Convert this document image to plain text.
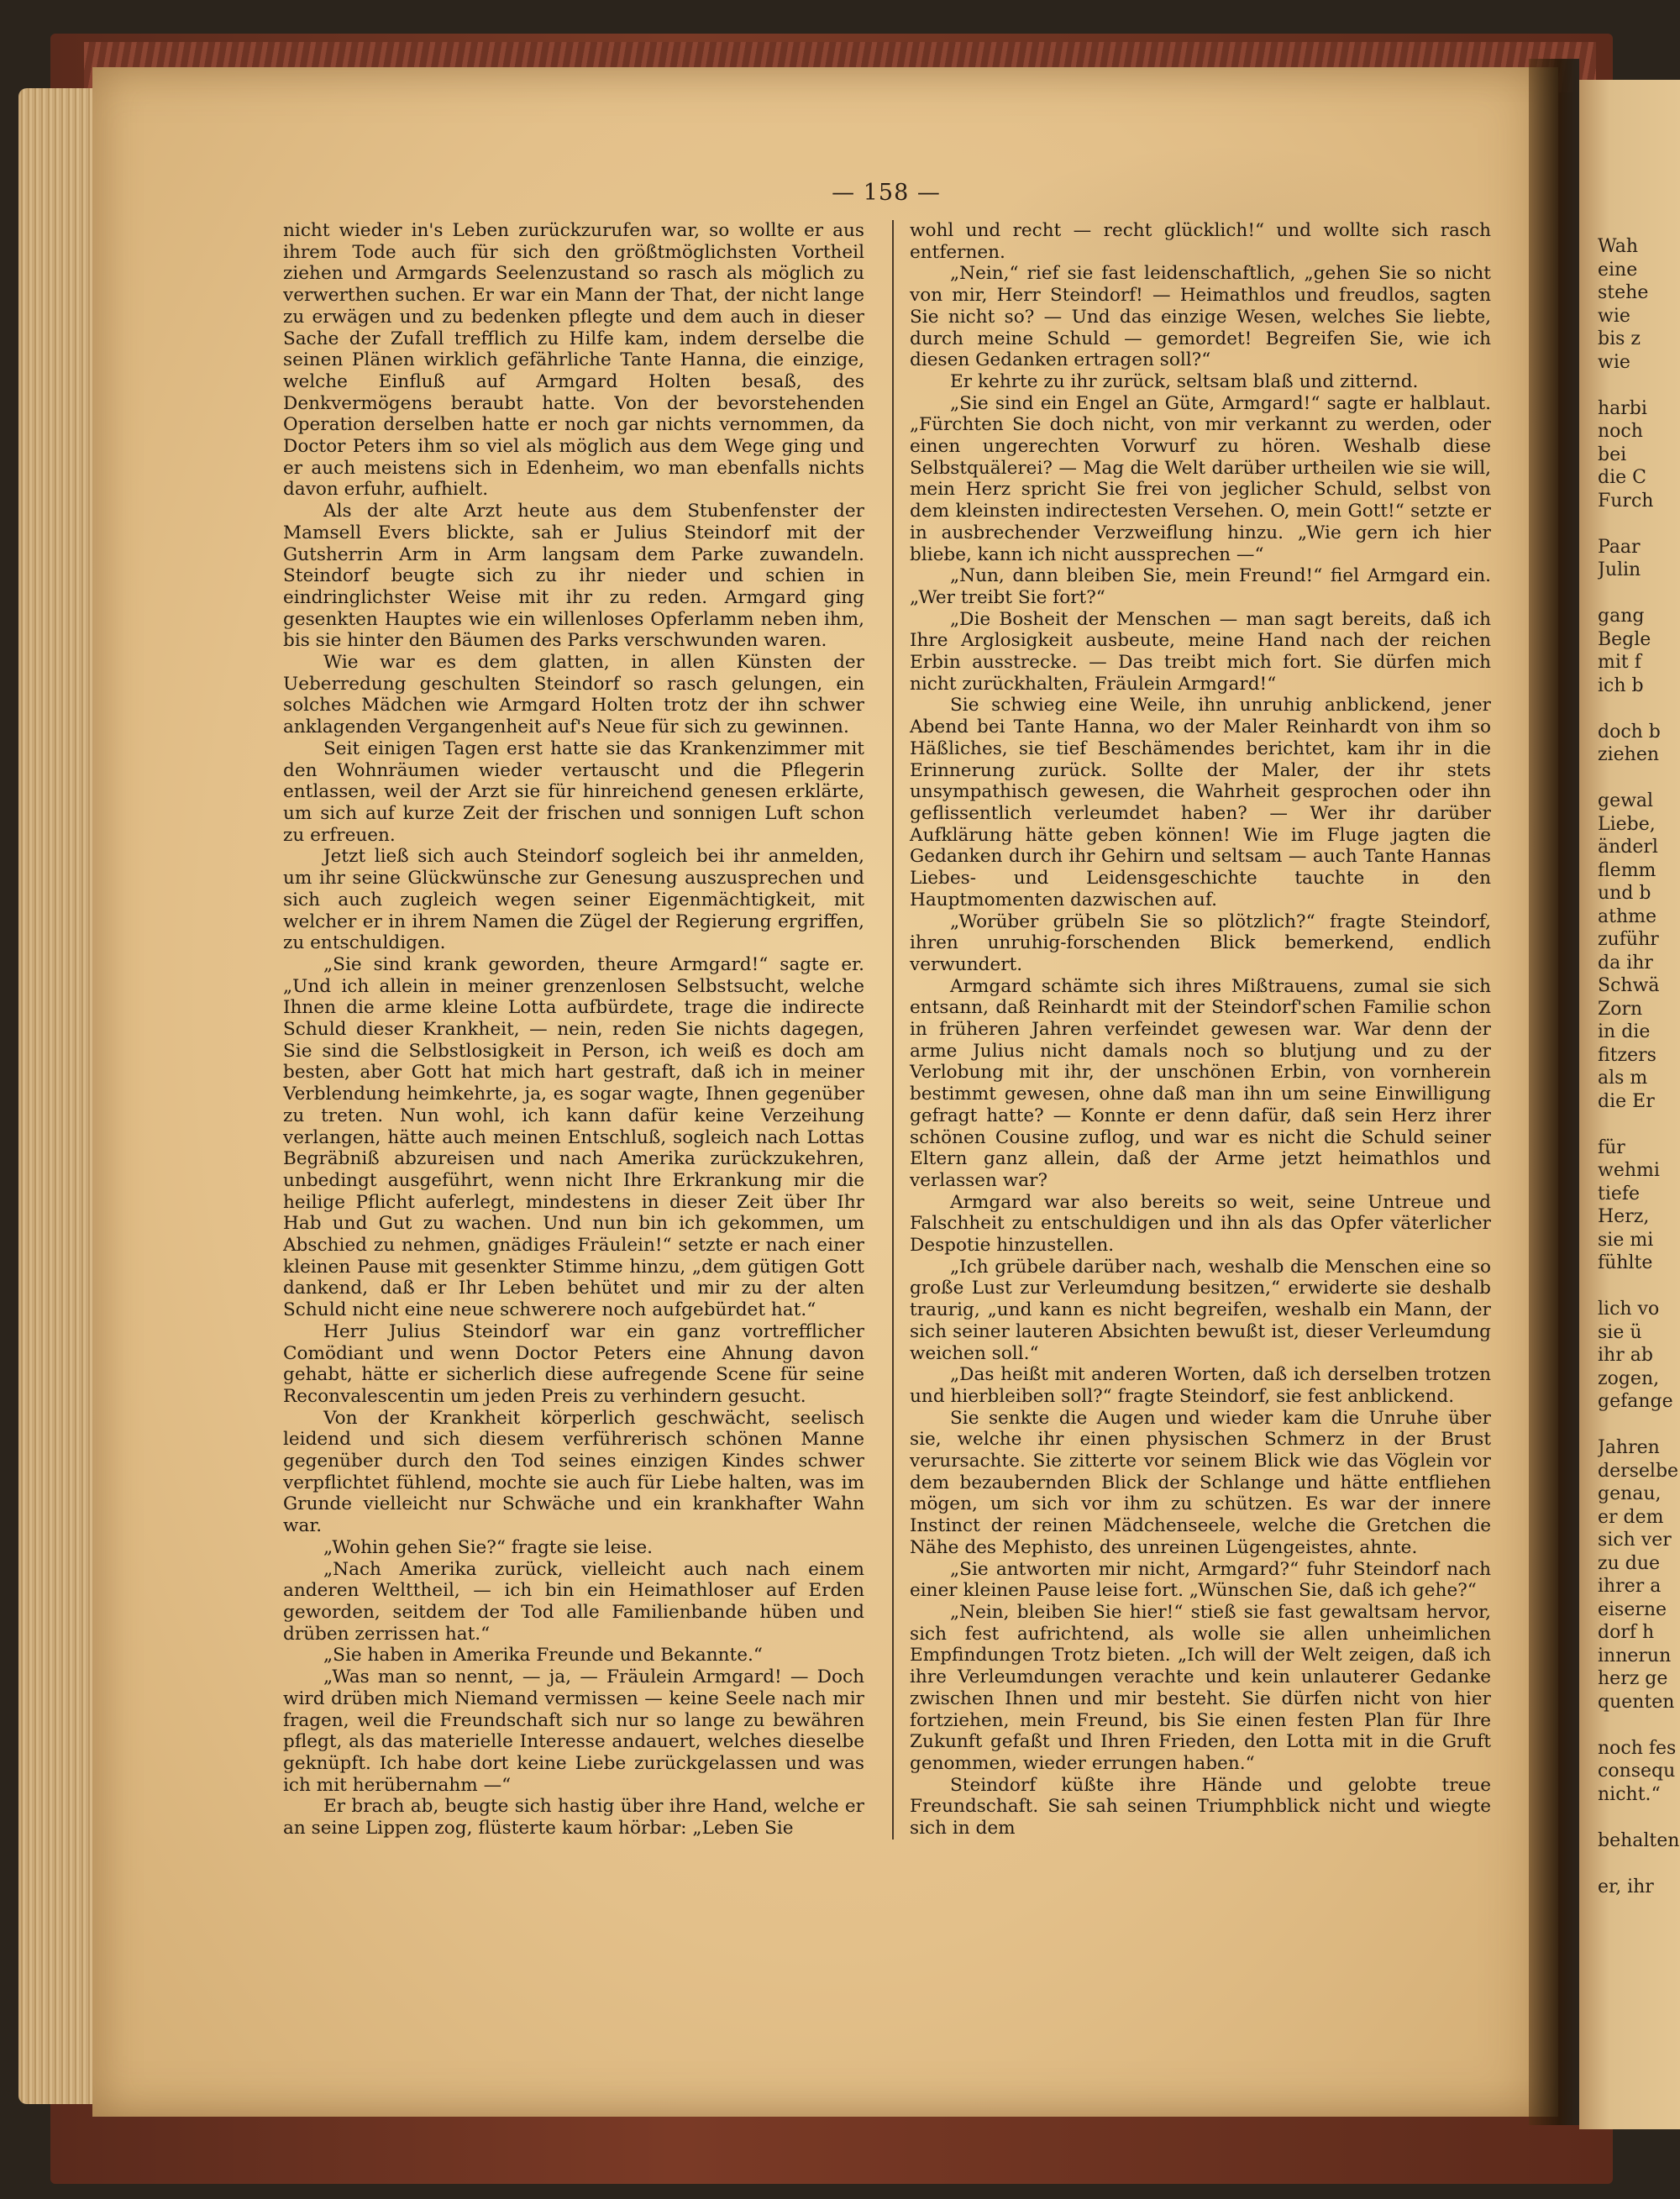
— 158 —

nicht wieder in's Leben zurückzurufen war, so wollte er aus ihrem Tode auch für sich den größtmöglichsten Vortheil ziehen und Armgards Seelenzustand so rasch als möglich zu verwerthen suchen. Er war ein Mann der That, der nicht lange zu erwägen und zu bedenken pflegte und dem auch in dieser Sache der Zufall trefflich zu Hilfe kam, indem derselbe die seinen Plänen wirklich gefährliche Tante Hanna, die einzige, welche Einfluß auf Armgard Holten besaß, des Denkvermögens beraubt hatte. Von der bevorstehenden Operation derselben hatte er noch gar nichts vernommen, da Doctor Peters ihm so viel als möglich aus dem Wege ging und er auch meistens sich in Edenheim, wo man ebenfalls nichts davon erfuhr, aufhielt.

Als der alte Arzt heute aus dem Stubenfenster der Mamsell Evers blickte, sah er Julius Steindorf mit der Gutsherrin Arm in Arm langsam dem Parke zuwandeln. Steindorf beugte sich zu ihr nieder und schien in eindringlichster Weise mit ihr zu reden. Armgard ging gesenkten Hauptes wie ein willenloses Opferlamm neben ihm, bis sie hinter den Bäumen des Parks verschwunden waren.

Wie war es dem glatten, in allen Künsten der Ueberredung geschulten Steindorf so rasch gelungen, ein solches Mädchen wie Armgard Holten trotz der ihn schwer anklagenden Vergangenheit auf's Neue für sich zu gewinnen.

Seit einigen Tagen erst hatte sie das Krankenzimmer mit den Wohnräumen wieder vertauscht und die Pflegerin entlassen, weil der Arzt sie für hinreichend genesen erklärte, um sich auf kurze Zeit der frischen und sonnigen Luft schon zu erfreuen.

Jetzt ließ sich auch Steindorf sogleich bei ihr anmelden, um ihr seine Glückwünsche zur Genesung auszusprechen und sich auch zugleich wegen seiner Eigenmächtigkeit, mit welcher er in ihrem Namen die Zügel der Regierung ergriffen, zu entschuldigen.

„Sie sind krank geworden, theure Armgard!“ sagte er. „Und ich allein in meiner grenzenlosen Selbstsucht, welche Ihnen die arme kleine Lotta aufbürdete, trage die indirecte Schuld dieser Krankheit, — nein, reden Sie nichts dagegen, Sie sind die Selbstlosigkeit in Person, ich weiß es doch am besten, aber Gott hat mich hart gestraft, daß ich in meiner Verblendung heimkehrte, ja, es sogar wagte, Ihnen gegenüber zu treten. Nun wohl, ich kann dafür keine Verzeihung verlangen, hätte auch meinen Entschluß, sogleich nach Lottas Begräbniß abzureisen und nach Amerika zurückzukehren, unbedingt ausgeführt, wenn nicht Ihre Erkrankung mir die heilige Pflicht auferlegt, mindestens in dieser Zeit über Ihr Hab und Gut zu wachen. Und nun bin ich gekommen, um Abschied zu nehmen, gnädiges Fräulein!“ setzte er nach einer kleinen Pause mit gesenkter Stimme hinzu, „dem gütigen Gott dankend, daß er Ihr Leben behütet und mir zu der alten Schuld nicht eine neue schwerere noch aufgebürdet hat.“

Herr Julius Steindorf war ein ganz vortrefflicher Comödiant und wenn Doctor Peters eine Ahnung davon gehabt, hätte er sicherlich diese aufregende Scene für seine Reconvalescentin um jeden Preis zu verhindern gesucht.

Von der Krankheit körperlich geschwächt, seelisch leidend und sich diesem verführerisch schönen Manne gegenüber durch den Tod seines einzigen Kindes schwer verpflichtet fühlend, mochte sie auch für Liebe halten, was im Grunde vielleicht nur Schwäche und ein krankhafter Wahn war.

„Wohin gehen Sie?“ fragte sie leise.

„Nach Amerika zurück, vielleicht auch nach einem anderen Welttheil, — ich bin ein Heimathloser auf Erden geworden, seitdem der Tod alle Familienbande hüben und drüben zerrissen hat.“

„Sie haben in Amerika Freunde und Bekannte.“

„Was man so nennt, — ja, — Fräulein Armgard! — Doch wird drüben mich Niemand vermissen — keine Seele nach mir fragen, weil die Freundschaft sich nur so lange zu bewähren pflegt, als das materielle Interesse andauert, welches dieselbe geknüpft. Ich habe dort keine Liebe zurückgelassen und was ich mit herübernahm —“

Er brach ab, beugte sich hastig über ihre Hand, welche er an seine Lippen zog, flüsterte kaum hörbar: „Leben Sie

wohl und recht — recht glücklich!“ und wollte sich rasch entfernen.

„Nein,“ rief sie fast leidenschaftlich, „gehen Sie so nicht von mir, Herr Steindorf! — Heimathlos und freudlos, sagten Sie nicht so? — Und das einzige Wesen, welches Sie liebte, durch meine Schuld — gemordet! Begreifen Sie, wie ich diesen Gedanken ertragen soll?“

Er kehrte zu ihr zurück, seltsam blaß und zitternd.

„Sie sind ein Engel an Güte, Armgard!“ sagte er halblaut. „Fürchten Sie doch nicht, von mir verkannt zu werden, oder einen ungerechten Vorwurf zu hören. Weshalb diese Selbstquälerei? — Mag die Welt darüber urtheilen wie sie will, mein Herz spricht Sie frei von jeglicher Schuld, selbst von dem kleinsten indirectesten Versehen. O, mein Gott!“ setzte er in ausbrechender Verzweiflung hinzu. „Wie gern ich hier bliebe, kann ich nicht aussprechen —“

„Nun, dann bleiben Sie, mein Freund!“ fiel Armgard ein. „Wer treibt Sie fort?“

„Die Bosheit der Menschen — man sagt bereits, daß ich Ihre Arglosigkeit ausbeute, meine Hand nach der reichen Erbin ausstrecke. — Das treibt mich fort. Sie dürfen mich nicht zurückhalten, Fräulein Armgard!“

Sie schwieg eine Weile, ihn unruhig anblickend, jener Abend bei Tante Hanna, wo der Maler Reinhardt von ihm so Häßliches, sie tief Beschämendes berichtet, kam ihr in die Erinnerung zurück. Sollte der Maler, der ihr stets unsympathisch gewesen, die Wahrheit gesprochen oder ihn geflissentlich verleumdet haben? — Wer ihr darüber Aufklärung hätte geben können! Wie im Fluge jagten die Gedanken durch ihr Gehirn und seltsam — auch Tante Hannas Liebes- und Leidensgeschichte tauchte in den Hauptmomenten dazwischen auf.

„Worüber grübeln Sie so plötzlich?“ fragte Steindorf, ihren unruhig-forschenden Blick bemerkend, endlich verwundert.

Armgard schämte sich ihres Mißtrauens, zumal sie sich entsann, daß Reinhardt mit der Steindorf'schen Familie schon in früheren Jahren verfeindet gewesen war. War denn der arme Julius nicht damals noch so blutjung und zu der Verlobung mit ihr, der unschönen Erbin, von vornherein bestimmt gewesen, ohne daß man ihn um seine Einwilligung gefragt hatte? — Konnte er denn dafür, daß sein Herz ihrer schönen Cousine zuflog, und war es nicht die Schuld seiner Eltern ganz allein, daß der Arme jetzt heimathlos und verlassen war?

Armgard war also bereits so weit, seine Untreue und Falschheit zu entschuldigen und ihn als das Opfer väterlicher Despotie hinzustellen.

„Ich grübele darüber nach, weshalb die Menschen eine so große Lust zur Verleumdung besitzen,“ erwiderte sie deshalb traurig, „und kann es nicht begreifen, weshalb ein Mann, der sich seiner lauteren Absichten bewußt ist, dieser Verleumdung weichen soll.“

„Das heißt mit anderen Worten, daß ich derselben trotzen und hierbleiben soll?“ fragte Steindorf, sie fest anblickend.

Sie senkte die Augen und wieder kam die Unruhe über sie, welche ihr einen physischen Schmerz in der Brust verursachte. Sie zitterte vor seinem Blick wie das Vöglein vor dem bezaubernden Blick der Schlange und hätte entfliehen mögen, um sich vor ihm zu schützen. Es war der innere Instinct der reinen Mädchenseele, welche die Gretchen die Nähe des Mephisto, des unreinen Lügengeistes, ahnte.

„Sie antworten mir nicht, Armgard?“ fuhr Steindorf nach einer kleinen Pause leise fort. „Wünschen Sie, daß ich gehe?“

„Nein, bleiben Sie hier!“ stieß sie fast gewaltsam hervor, sich fest aufrichtend, als wolle sie allen unheimlichen Empfindungen Trotz bieten. „Ich will der Welt zeigen, daß ich ihre Verleumdungen verachte und kein unlauterer Gedanke zwischen Ihnen und mir besteht. Sie dürfen nicht von hier fortziehen, mein Freund, bis Sie einen festen Plan für Ihre Zukunft gefaßt und Ihren Frieden, den Lotta mit in die Gruft genommen, wieder errungen haben.“

Steindorf küßte ihre Hände und gelobte treue Freundschaft. Sie sah seinen Triumphblick nicht und wiegte sich in dem

Wah
eine
stehe
wie
bis z
wie
harbi
noch
bei
die C
Furch
Paar
Julin
gang
Begle
mit f
ich b
doch b
ziehen
gewal
Liebe,
änderl
flemm
und b
athme
zuführ
da ihr
Schwä
Zorn
in die
fitzers
als m
die Er
für
wehmi
tiefe
Herz,
sie mi
fühlte
lich vo
sie ü
ihr ab
zogen,
gefange
Jahren
derselbe
genau,
er dem
sich ver
zu due
ihrer a
eiserne
dorf h
innerun
herz ge
quenten
noch fes
consequ
nicht.“
behalten
er, ihr
